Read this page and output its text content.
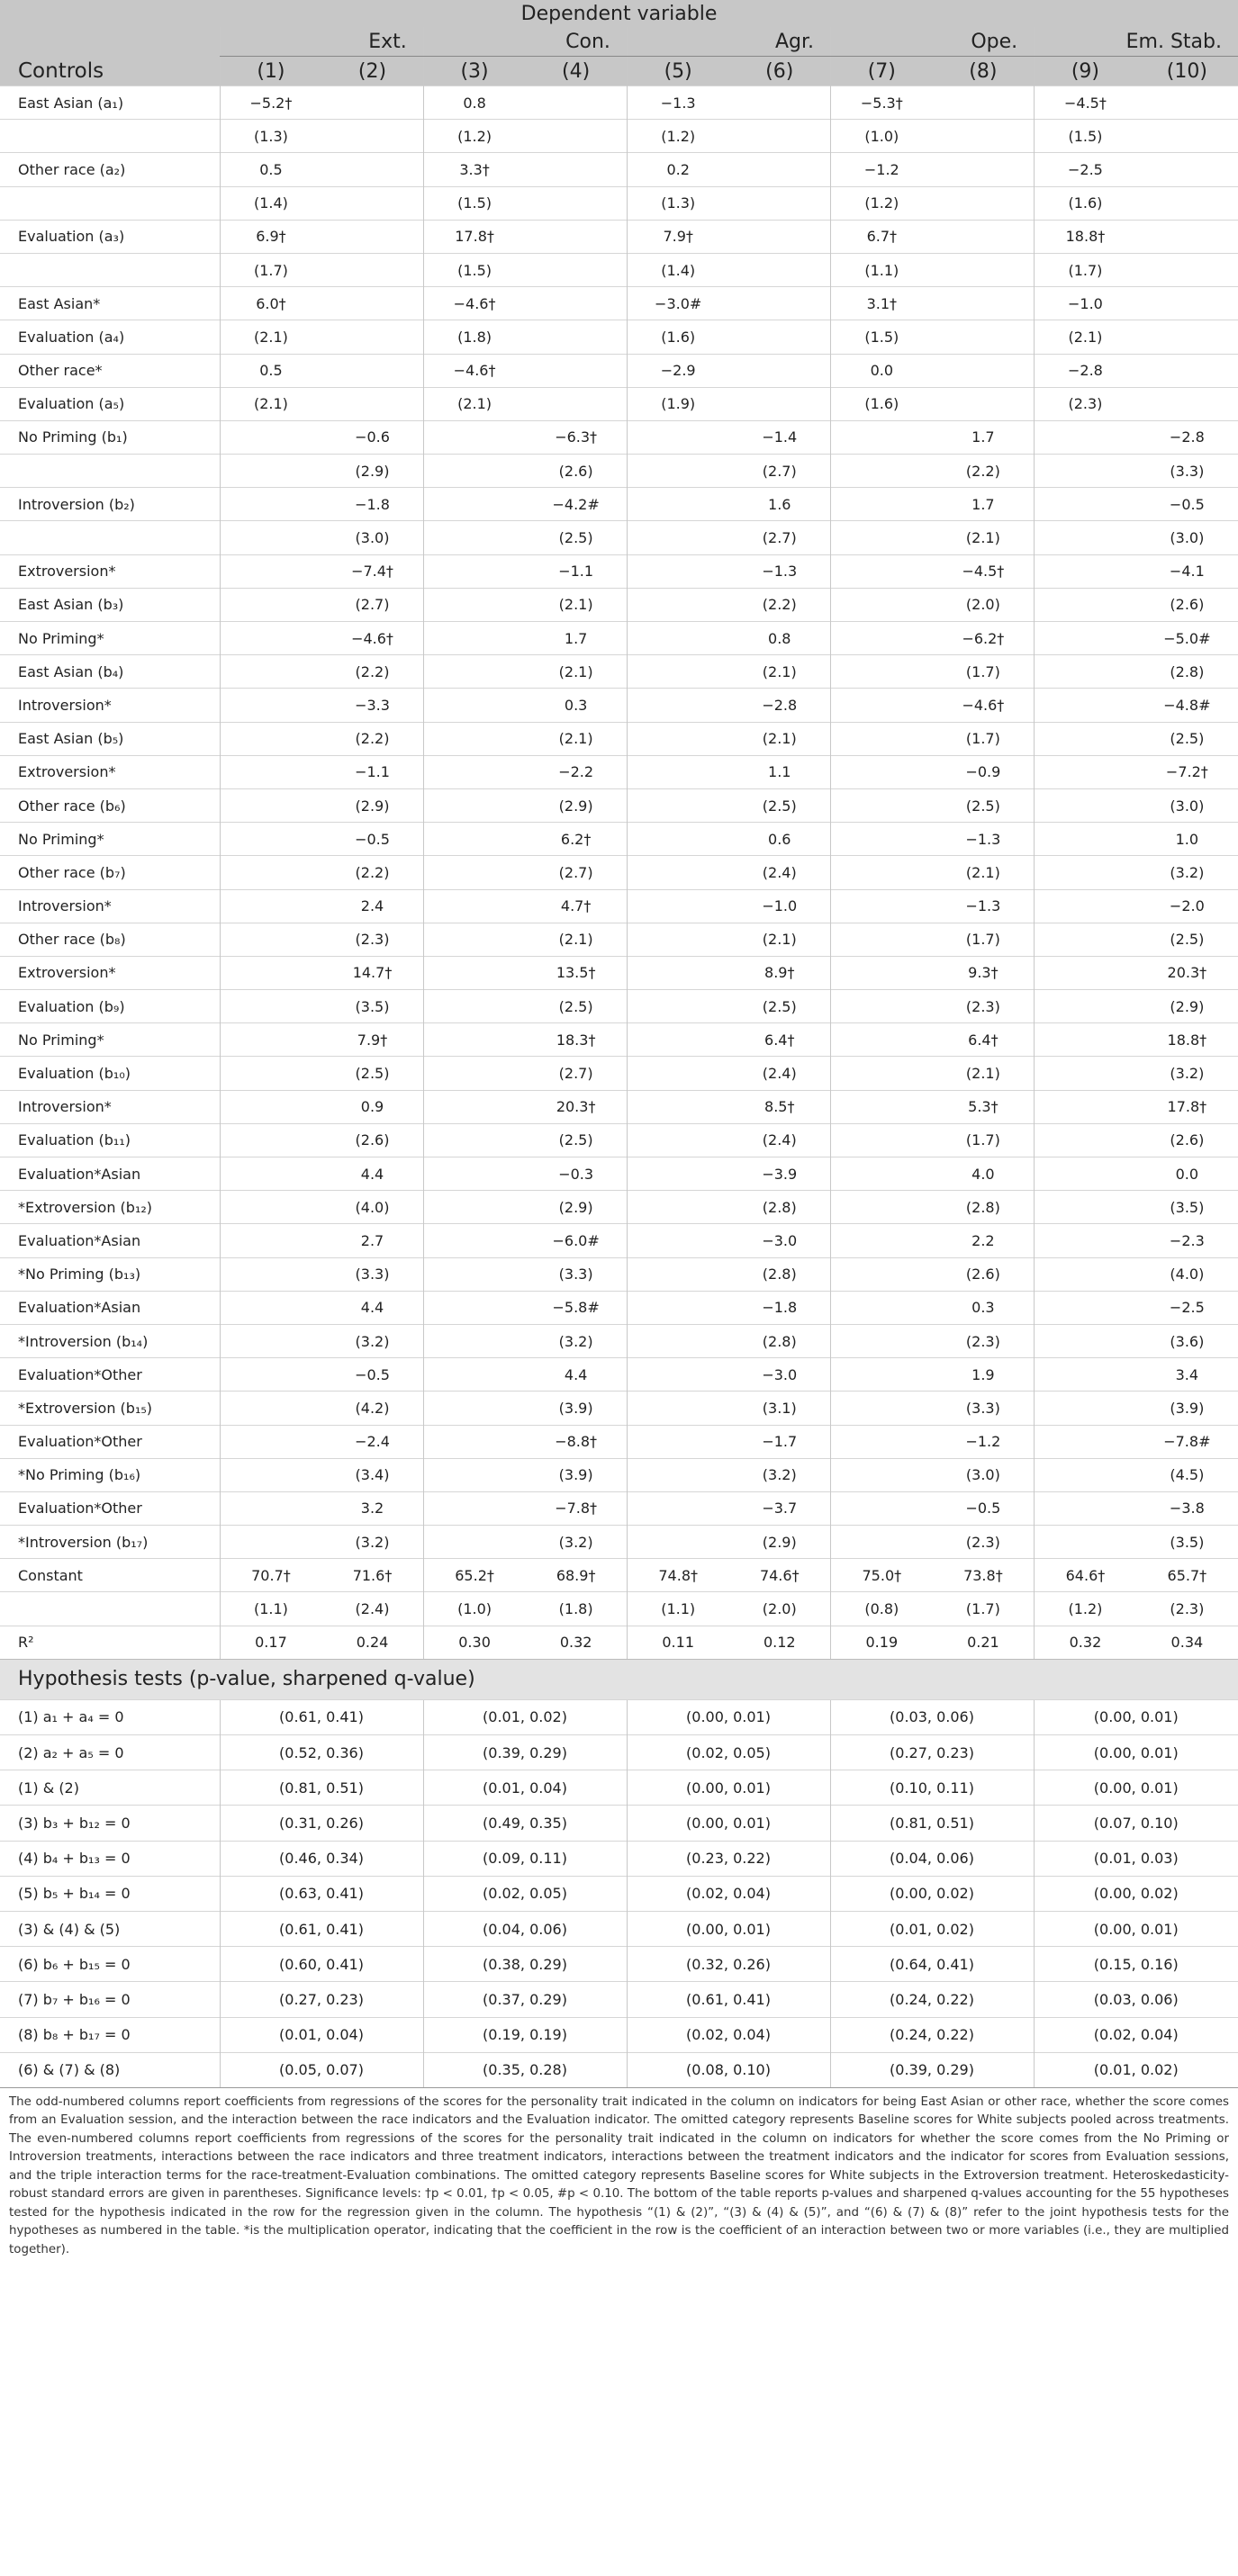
Dependent variable										
	Ext.		Con.		Agr.		Ope.		Em. Stab.	
Controls	(1)	(2)	(3)	(4)	(5)	(6)	(7)	(8)	(9)	(10)
East Asian (a₁)	−5.2†		0.8		−1.3		−5.3†		−4.5†	
	(1.3)		(1.2)		(1.2)		(1.0)		(1.5)	
Other race (a₂)	0.5		3.3†		0.2		−1.2		−2.5	
	(1.4)		(1.5)		(1.3)		(1.2)		(1.6)	
Evaluation (a₃)	6.9†		17.8†		7.9†		6.7†		18.8†	
	(1.7)		(1.5)		(1.4)		(1.1)		(1.7)	
East Asian*	6.0†		−4.6†		−3.0#		3.1†		−1.0	
Evaluation (a₄)	(2.1)		(1.8)		(1.6)		(1.5)		(2.1)	
Other race*	0.5		−4.6†		−2.9		0.0		−2.8	
Evaluation (a₅)	(2.1)		(2.1)		(1.9)		(1.6)		(2.3)	
No Priming (b₁)		−0.6		−6.3†		−1.4		1.7		−2.8
		(2.9)		(2.6)		(2.7)		(2.2)		(3.3)
Introversion (b₂)		−1.8		−4.2#		1.6		1.7		−0.5
		(3.0)		(2.5)		(2.7)		(2.1)		(3.0)
Extroversion*		−7.4†		−1.1		−1.3		−4.5†		−4.1
East Asian (b₃)		(2.7)		(2.1)		(2.2)		(2.0)		(2.6)
No Priming*		−4.6†		1.7		0.8		−6.2†		−5.0#
East Asian (b₄)		(2.2)		(2.1)		(2.1)		(1.7)		(2.8)
Introversion*		−3.3		0.3		−2.8		−4.6†		−4.8#
East Asian (b₅)		(2.2)		(2.1)		(2.1)		(1.7)		(2.5)
Extroversion*		−1.1		−2.2		1.1		−0.9		−7.2†
Other race (b₆)		(2.9)		(2.9)		(2.5)		(2.5)		(3.0)
No Priming*		−0.5		6.2†		0.6		−1.3		1.0
Other race (b₇)		(2.2)		(2.7)		(2.4)		(2.1)		(3.2)
Introversion*		2.4		4.7†		−1.0		−1.3		−2.0
Other race (b₈)		(2.3)		(2.1)		(2.1)		(1.7)		(2.5)
Extroversion*		14.7†		13.5†		8.9†		9.3†		20.3†
Evaluation (b₉)		(3.5)		(2.5)		(2.5)		(2.3)		(2.9)
No Priming*		7.9†		18.3†		6.4†		6.4†		18.8†
Evaluation (b₁₀)		(2.5)		(2.7)		(2.4)		(2.1)		(3.2)
Introversion*		0.9		20.3†		8.5†		5.3†		17.8†
Evaluation (b₁₁)		(2.6)		(2.5)		(2.4)		(1.7)		(2.6)
Evaluation*Asian		4.4		−0.3		−3.9		4.0		0.0
*Extroversion (b₁₂)		(4.0)		(2.9)		(2.8)		(2.8)		(3.5)
Evaluation*Asian		2.7		−6.0#		−3.0		2.2		−2.3
*No Priming (b₁₃)		(3.3)		(3.3)		(2.8)		(2.6)		(4.0)
Evaluation*Asian		4.4		−5.8#		−1.8		0.3		−2.5
*Introversion (b₁₄)		(3.2)		(3.2)		(2.8)		(2.3)		(3.6)
Evaluation*Other		−0.5		4.4		−3.0		1.9		3.4
*Extroversion (b₁₅)		(4.2)		(3.9)		(3.1)		(3.3)		(3.9)
Evaluation*Other		−2.4		−8.8†		−1.7		−1.2		−7.8#
*No Priming (b₁₆)		(3.4)		(3.9)		(3.2)		(3.0)		(4.5)
Evaluation*Other		3.2		−7.8†		−3.7		−0.5		−3.8
*Introversion (b₁₇)		(3.2)		(3.2)		(2.9)		(2.3)		(3.5)
Constant	70.7†	71.6†	65.2†	68.9†	74.8†	74.6†	75.0†	73.8†	64.6†	65.7†
	(1.1)	(2.4)	(1.0)	(1.8)	(1.1)	(2.0)	(0.8)	(1.7)	(1.2)	(2.3)
R²	0.17	0.24	0.30	0.32	0.11	0.12	0.19	0.21	0.32	0.34
Hypothesis tests (p-value, sharpened q-value)					
(1) a₁ + a₄ = 0	(0.61, 0.41)	(0.01, 0.02)	(0.00, 0.01)	(0.03, 0.06)	(0.00, 0.01)
(2) a₂ + a₅ = 0	(0.52, 0.36)	(0.39, 0.29)	(0.02, 0.05)	(0.27, 0.23)	(0.00, 0.01)
(1) & (2)	(0.81, 0.51)	(0.01, 0.04)	(0.00, 0.01)	(0.10, 0.11)	(0.00, 0.01)
(3) b₃ + b₁₂ = 0	(0.31, 0.26)	(0.49, 0.35)	(0.00, 0.01)	(0.81, 0.51)	(0.07, 0.10)
(4) b₄ + b₁₃ = 0	(0.46, 0.34)	(0.09, 0.11)	(0.23, 0.22)	(0.04, 0.06)	(0.01, 0.03)
(5) b₅ + b₁₄ = 0	(0.63, 0.41)	(0.02, 0.05)	(0.02, 0.04)	(0.00, 0.02)	(0.00, 0.02)
(3) & (4) & (5)	(0.61, 0.41)	(0.04, 0.06)	(0.00, 0.01)	(0.01, 0.02)	(0.00, 0.01)
(6) b₆ + b₁₅ = 0	(0.60, 0.41)	(0.38, 0.29)	(0.32, 0.26)	(0.64, 0.41)	(0.15, 0.16)
(7) b₇ + b₁₆ = 0	(0.27, 0.23)	(0.37, 0.29)	(0.61, 0.41)	(0.24, 0.22)	(0.03, 0.06)
(8) b₈ + b₁₇ = 0	(0.01, 0.04)	(0.19, 0.19)	(0.02, 0.04)	(0.24, 0.22)	(0.02, 0.04)
(6) & (7) & (8)	(0.05, 0.07)	(0.35, 0.28)	(0.08, 0.10)	(0.39, 0.29)	(0.01, 0.02)
The odd-numbered columns report coefficients from regressions of the scores for the personality trait indicated in the column on indicators for being East Asian or other race, whether the score comes from an Evaluation session, and the interaction between the race indicators and the Evaluation indicator. The omitted category represents Baseline scores for White subjects pooled across treatments. The even-numbered columns report coefficients from regressions of the scores for the personality trait indicated in the column on indicators for whether the score comes from the No Priming or Introversion treatments, interactions between the race indicators and three treatment indicators, interactions between the treatment indicators and the indicator for scores from Evaluation sessions, and the triple interaction terms for the race-treatment-Evaluation combinations. The omitted category represents Baseline scores for White subjects in the Extroversion treatment. Heteroskedasticity-robust standard errors are given in parentheses. Significance levels: †p < 0.01, †p < 0.05, #p < 0.10. The bottom of the table reports p-values and sharpened q-values accounting for the 55 hypotheses tested for the hypothesis indicated in the row for the regression given in the column. The hypothesis “(1) & (2)”, “(3) & (4) & (5)”, and “(6) & (7) & (8)” refer to the joint hypothesis tests for the hypotheses as numbered in the table. *is the multiplication operator, indicating that the coefficient in the row is the coefficient of an interaction between two or more variables (i.e., they are multiplied together).
